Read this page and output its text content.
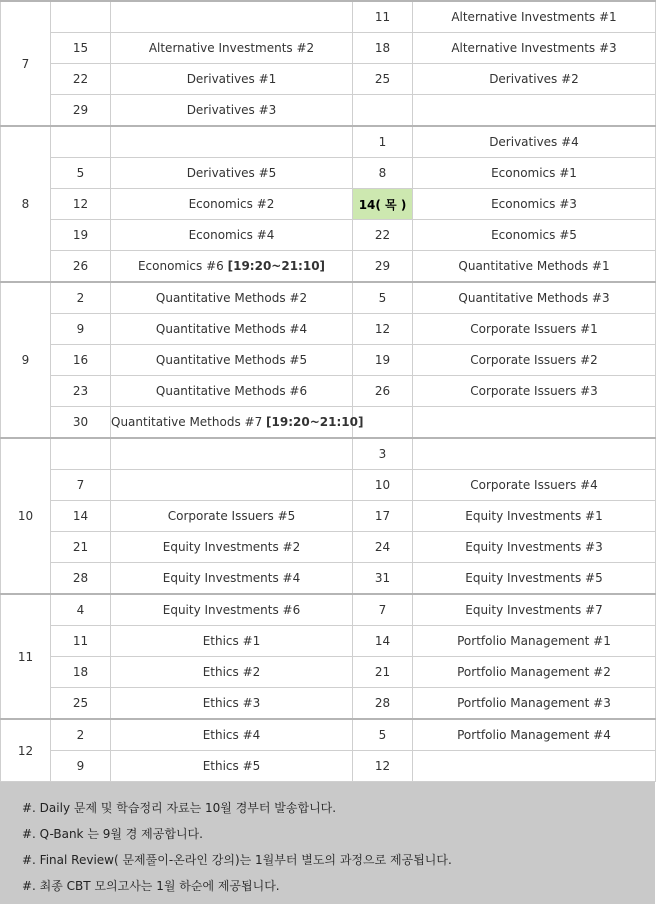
7			11	Alternative Investments #1
	15	Alternative Investments #2	18	Alternative Investments #3
	22	Derivatives #1	25	Derivatives #2
	29	Derivatives #3		
8			1	Derivatives #4
	5	Derivatives #5	8	Economics #1
	12	Economics #2	14( 목 )	Economics #3
	19	Economics #4	22	Economics #5
	26	Economics #6 [19:20~21:10]	29	Quantitative Methods #1
9	2	Quantitative Methods #2	5	Quantitative Methods #3
	9	Quantitative Methods #4	12	Corporate Issuers #1
	16	Quantitative Methods #5	19	Corporate Issuers #2
	23	Quantitative Methods #6	26	Corporate Issuers #3
	30	Quantitative Methods #7 [19:20~21:10]		
10			3	
	7		10	Corporate Issuers #4
	14	Corporate Issuers #5	17	Equity Investments #1
	21	Equity Investments #2	24	Equity Investments #3
	28	Equity Investments #4	31	Equity Investments #5
11	4	Equity Investments #6	7	Equity Investments #7
	11	Ethics #1	14	Portfolio Management #1
	18	Ethics #2	21	Portfolio Management #2
	25	Ethics #3	28	Portfolio Management #3
12	2	Ethics #4	5	Portfolio Management #4
	9	Ethics #5	12	
#. Daily 문제 및 학습정리 자료는 10월 경부터 발송합니다.
#. Q-Bank 는 9월 경 제공합니다.
#. Final Review( 문제풀이-온라인 강의)는 1월부터 별도의 과정으로 제공됩니다.
#. 최종 CBT 모의고사는 1월 하순에 제공됩니다.
